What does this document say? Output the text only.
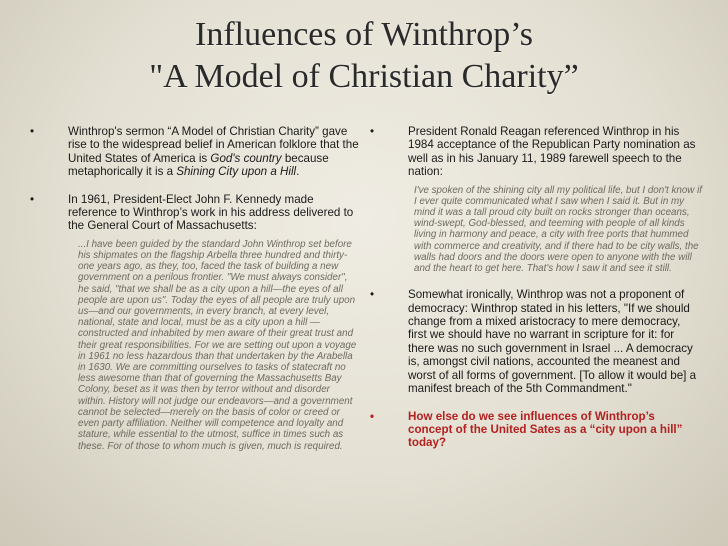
Influences of Winthrop’s
"A Model of Christian Charity”
•	Winthrop's sermon “A Model of Christian Charity” gave rise to the widespread belief in American folklore that the United States of America is God's country because metaphorically it is a Shining City upon a Hill.
•	In 1961, President-Elect John F. Kennedy made reference to Winthrop’s work in his address delivered to the General Court of Massachusetts:
...I have been guided by the standard John Winthrop set before his shipmates on the flagship Arbella three hundred and thirty-one years ago, as they, too, faced the task of building a new government on a perilous frontier. "We must always consider", he said, "that we shall be as a city upon a hill—the eyes of all people are upon us". Today the eyes of all people are truly upon us—and our governments, in every branch, at every level, national, state and local, must be as a city upon a hill — constructed and inhabited by men aware of their great trust and their great responsibilities. For we are setting out upon a voyage in 1961 no less hazardous than that undertaken by the Arabella in 1630. We are committing ourselves to tasks of statecraft no less awesome than that of governing the Massachusetts Bay Colony, beset as it was then by terror without and disorder within. History will not judge our endeavors—and a government cannot be selected—merely on the basis of color or creed or even party affiliation. Neither will competence and loyalty and stature, while essential to the utmost, suffice in times such as these. For of those to whom much is given, much is required.
•	President Ronald Reagan referenced Winthrop in his 1984 acceptance of the Republican Party nomination as well as in his January 11, 1989 farewell speech to the nation:
I've spoken of the shining city all my political life, but I don't know if I ever quite communicated what I saw when I said it. But in my mind it was a tall proud city built on rocks stronger than oceans, wind-swept, God-blessed, and teeming with people of all kinds living in harmony and peace, a city with free ports that hummed with commerce and creativity, and if there had to be city walls, the walls had doors and the doors were open to anyone with the will and the heart to get here. That's how I saw it and see it still.
•	Somewhat ironically, Winthrop was not a proponent of democracy: Winthrop stated in his letters, "If we should change from a mixed aristocracy to mere democracy, first we should have no warrant in scripture for it: for there was no such government in Israel ... A democracy is, amongst civil nations, accounted the meanest and worst of all forms of government. [To allow it would be] a manifest breach of the 5th Commandment."
•	How else do we see influences of Winthrop’s concept of the United Sates as a “city upon a hill” today?
